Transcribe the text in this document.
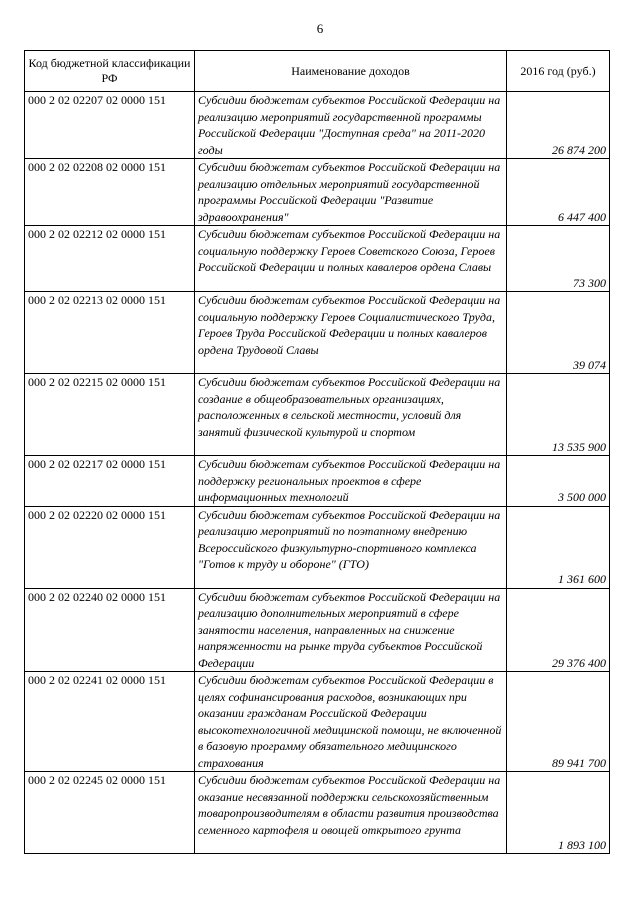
6
Код бюджетной классификации РФ	Наименование доходов	2016 год (руб.)
000 2 02 02207 02 0000 151	Субсидии бюджетам субъектов Российской Федерации на реализацию мероприятий государственной программы Российской Федерации "Доступная среда" на 2011-2020 годы	26 874 200
000 2 02 02208 02 0000 151	Субсидии бюджетам субъектов Российской Федерации на реализацию отдельных мероприятий государственной программы Российской Федерации "Развитие здравоохранения"	6 447 400
000 2 02 02212 02 0000 151	Субсидии бюджетам субъектов Российской Федерации на социальную поддержку Героев Советского Союза, Героев Российской Федерации и полных кавалеров ордена Славы	73 300
000 2 02 02213 02 0000 151	Субсидии бюджетам субъектов Российской Федерации на социальную поддержку Героев Социалистического Труда, Героев Труда Российской Федерации и полных кавалеров ордена Трудовой Славы	39 074
000 2 02 02215 02 0000 151	Субсидии бюджетам субъектов Российской Федерации на создание в общеобразовательных организациях, расположенных в сельской местности, условий для занятий физической культурой и спортом	13 535 900
000 2 02 02217 02 0000 151	Субсидии бюджетам субъектов Российской Федерации на поддержку региональных проектов в сфере информационных технологий	3 500 000
000 2 02 02220 02 0000 151	Субсидии бюджетам субъектов Российской Федерации на реализацию мероприятий по поэтапному внедрению Всероссийского физкультурно-спортивного комплекса "Готов к труду и обороне" (ГТО)	1 361 600
000 2 02 02240 02 0000 151	Субсидии бюджетам субъектов Российской Федерации на реализацию дополнительных мероприятий в сфере занятости населения, направленных на снижение напряженности на рынке труда субъектов Российской Федерации	29 376 400
000 2 02 02241 02 0000 151	Субсидии бюджетам субъектов Российской Федерации в целях софинансирования расходов, возникающих при оказании гражданам Российской Федерации высокотехнологичной медицинской помощи, не включенной в базовую программу обязательного медицинского страхования	89 941 700
000 2 02 02245 02 0000 151	Субсидии бюджетам субъектов Российской Федерации на оказание несвязанной поддержки сельскохозяйственным товаропроизводителям в области развития производства семенного картофеля и овощей открытого грунта	1 893 100
